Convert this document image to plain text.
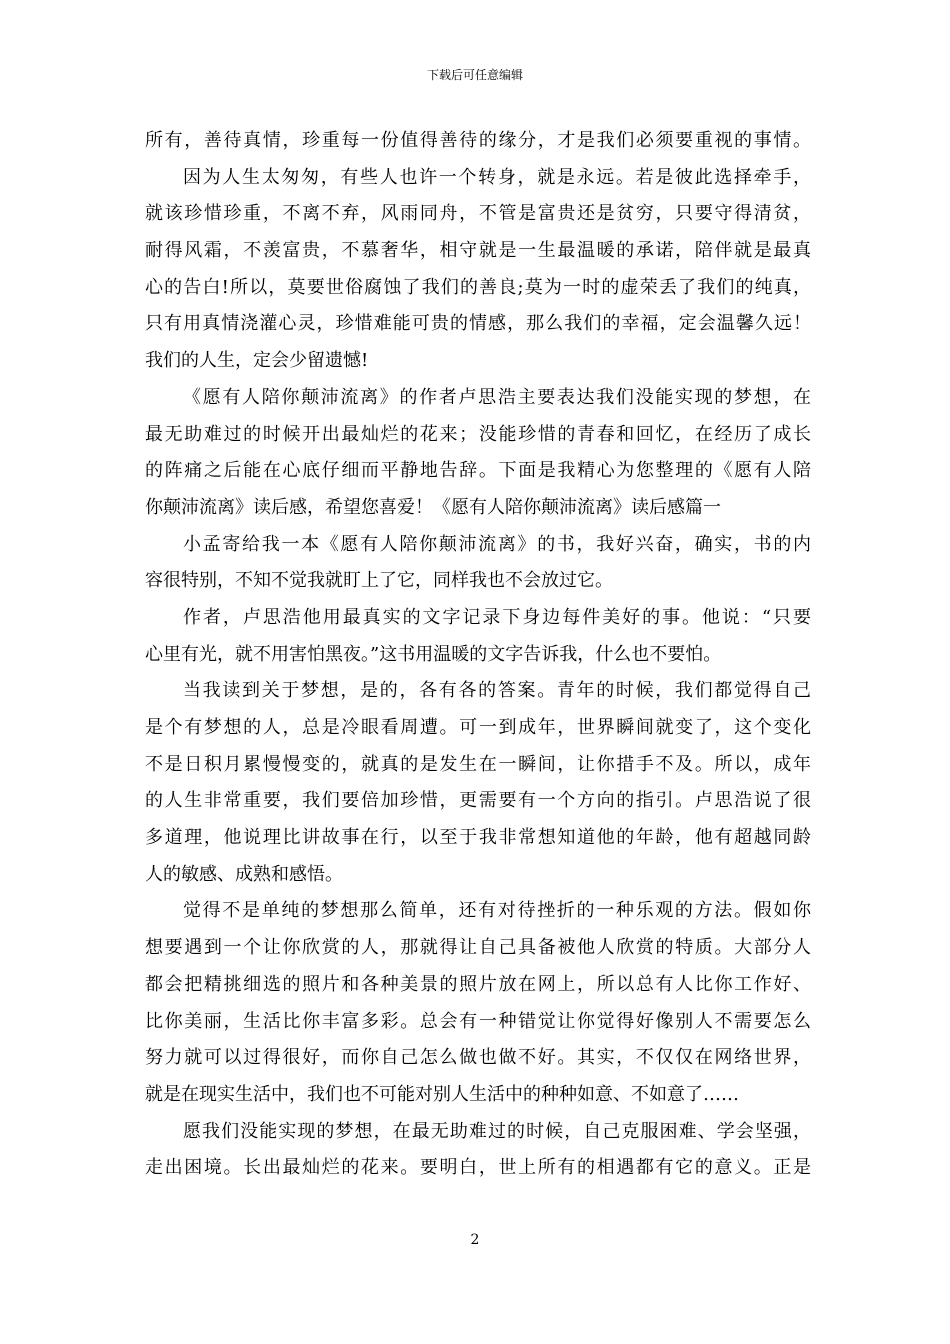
下载后可任意编辑
所有，善待真情，珍重每一份值得善待的缘分，才是我们必须要重视的事情。
因为人生太匆匆，有些人也许一个转身，就是永远。若是彼此选择牵手，
就该珍惜珍重，不离不弃，风雨同舟，不管是富贵还是贫穷，只要守得清贫，
耐得风霜，不羡富贵，不慕奢华，相守就是一生最温暖的承诺，陪伴就是最真
心的告白!所以，莫要世俗腐蚀了我们的善良;莫为一时的虚荣丢了我们的纯真，
只有用真情浇灌心灵，珍惜难能可贵的情感，那么我们的幸福，定会温馨久远！
我们的人生，定会少留遗憾!
《愿有人陪你颠沛流离》的作者卢思浩主要表达我们没能实现的梦想，在
最无助难过的时候开出最灿烂的花来；没能珍惜的青春和回忆，在经历了成长
的阵痛之后能在心底仔细而平静地告辞。下面是我精心为您整理的《愿有人陪
你颠沛流离》读后感，希望您喜爱！《愿有人陪你颠沛流离》读后感篇一
小孟寄给我一本《愿有人陪你颠沛流离》的书，我好兴奋，确实，书的内
容很特别，不知不觉我就盯上了它，同样我也不会放过它。
作者，卢思浩他用最真实的文字记录下身边每件美好的事。他说：“只要
心里有光，就不用害怕黑夜。”这书用温暖的文字告诉我，什么也不要怕。
当我读到关于梦想，是的，各有各的答案。青年的时候，我们都觉得自己
是个有梦想的人，总是冷眼看周遭。可一到成年，世界瞬间就变了，这个变化
不是日积月累慢慢变的，就真的是发生在一瞬间，让你措手不及。所以，成年
的人生非常重要，我们要倍加珍惜，更需要有一个方向的指引。卢思浩说了很
多道理，他说理比讲故事在行，以至于我非常想知道他的年龄，他有超越同龄
人的敏感、成熟和感悟。
觉得不是单纯的梦想那么简单，还有对待挫折的一种乐观的方法。假如你
想要遇到一个让你欣赏的人，那就得让自己具备被他人欣赏的特质。大部分人
都会把精挑细选的照片和各种美景的照片放在网上，所以总有人比你工作好、
比你美丽，生活比你丰富多彩。总会有一种错觉让你觉得好像别人不需要怎么
努力就可以过得很好，而你自己怎么做也做不好。其实，不仅仅在网络世界，
就是在现实生活中，我们也不可能对别人生活中的种种如意、不如意了……
愿我们没能实现的梦想，在最无助难过的时候，自己克服困难、学会坚强，
走出困境。长出最灿烂的花来。要明白，世上所有的相遇都有它的意义。正是
2
